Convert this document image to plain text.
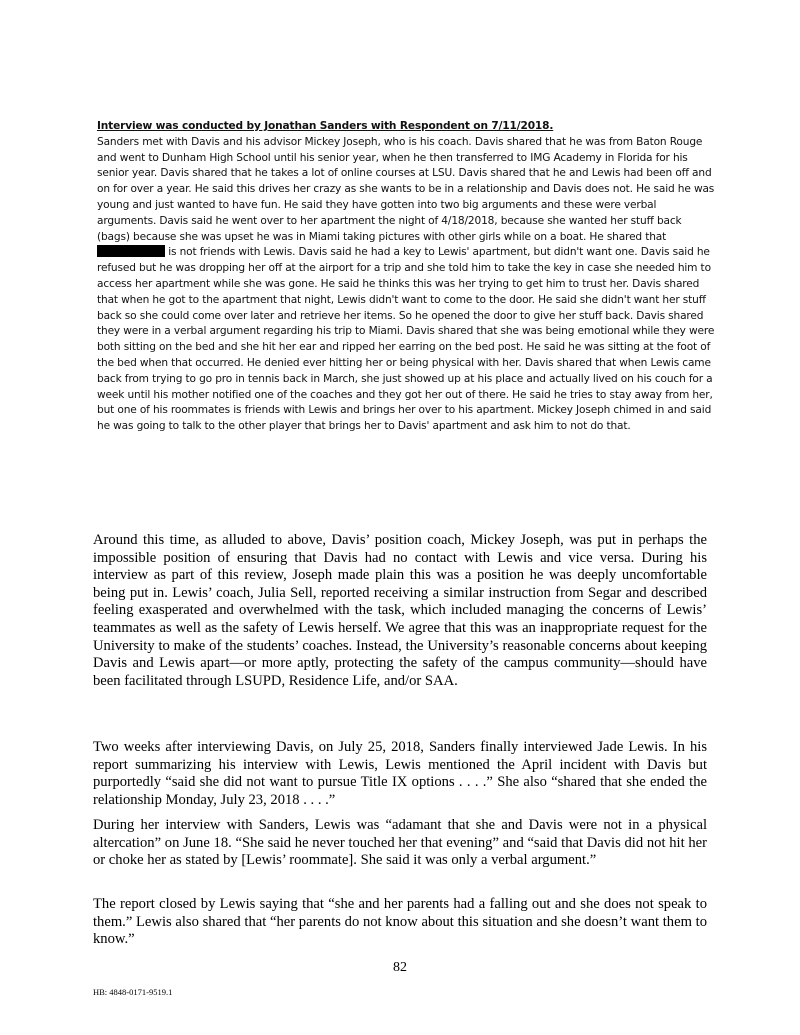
Interview was conducted by Jonathan Sanders with Respondent on 7/11/2018.
Sanders met with Davis and his advisor Mickey Joseph, who is his coach. Davis shared that he was from Baton Rouge and went to Dunham High School until his senior year, when he then transferred to IMG Academy in Florida for his senior year. Davis shared that he takes a lot of online courses at LSU. Davis shared that he and Lewis had been off and on for over a year. He said this drives her crazy as she wants to be in a relationship and Davis does not. He said he was young and just wanted to have fun. He said they have gotten into two big arguments and these were verbal arguments. Davis said he went over to her apartment the night of 4/18/2018, because she wanted her stuff back (bags) because she was upset he was in Miami taking pictures with other girls while on a boat. He shared that  is not friends with Lewis. Davis said he had a key to Lewis' apartment, but didn't want one. Davis said he refused but he was dropping her off at the airport for a trip and she told him to take the key in case she needed him to access her apartment while she was gone. He said he thinks this was her trying to get him to trust her. Davis shared that when he got to the apartment that night, Lewis didn't want to come to the door. He said she didn't want her stuff back so she could come over later and retrieve her items. So he opened the door to give her stuff back. Davis shared they were in a verbal argument regarding his trip to Miami. Davis shared that she was being emotional while they were both sitting on the bed and she hit her ear and ripped her earring on the bed post. He said he was sitting at the foot of the bed when that occurred. He denied ever hitting her or being physical with her. Davis shared that when Lewis came back from trying to go pro in tennis back in March, she just showed up at his place and actually lived on his couch for a week until his mother notified one of the coaches and they got her out of there. He said he tries to stay away from her, but one of his roommates is friends with Lewis and brings her over to his apartment. Mickey Joseph chimed in and said he was going to talk to the other player that brings her to Davis' apartment and ask him to not do that.

Around this time, as alluded to above, Davis’ position coach, Mickey Joseph, was put in perhaps the impossible position of ensuring that Davis had no contact with Lewis and vice versa. During his interview as part of this review, Joseph made plain this was a position he was deeply uncomfortable being put in. Lewis’ coach, Julia Sell, reported receiving a similar instruction from Segar and described feeling exasperated and overwhelmed with the task, which included managing the concerns of Lewis’ teammates as well as the safety of Lewis herself. We agree that this was an inappropriate request for the University to make of the students’ coaches. Instead, the University’s reasonable concerns about keeping Davis and Lewis apart—or more aptly, protecting the safety of the campus community—should have been facilitated through LSUPD, Residence Life, and/or SAA.

Two weeks after interviewing Davis, on July 25, 2018, Sanders finally interviewed Jade Lewis. In his report summarizing his interview with Lewis, Lewis mentioned the April incident with Davis but purportedly “said she did not want to pursue Title IX options . . . .” She also “shared that she ended the relationship Monday, July 23, 2018 . . . .”

During her interview with Sanders, Lewis was “adamant that she and Davis were not in a physical altercation” on June 18. “She said he never touched her that evening” and “said that Davis did not hit her or choke her as stated by [Lewis’ roommate]. She said it was only a verbal argument.”

The report closed by Lewis saying that “she and her parents had a falling out and she does not speak to them.” Lewis also shared that “her parents do not know about this situation and she doesn’t want them to know.”

82
HB: 4848-0171-9519.1
